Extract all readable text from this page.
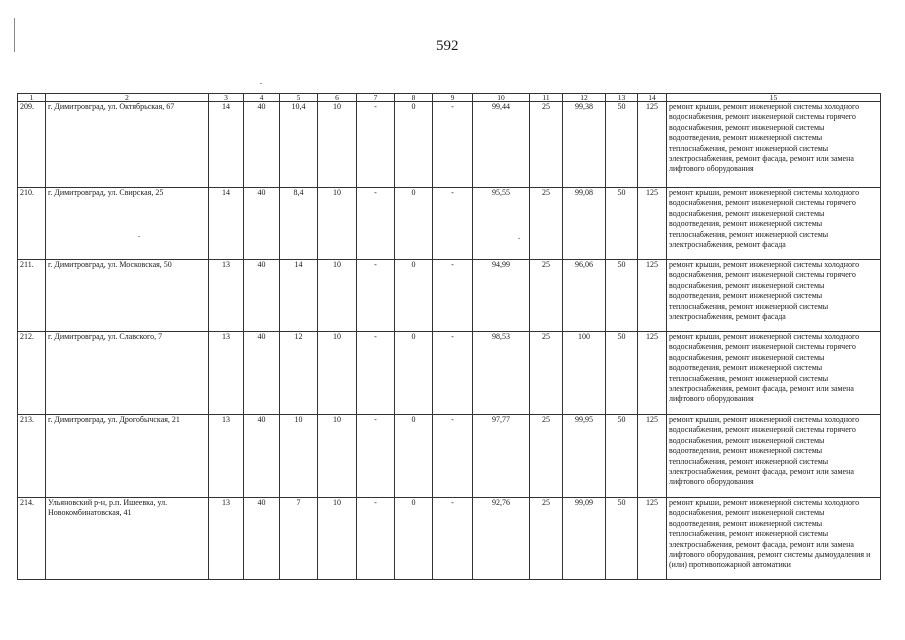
592
1	2	3	4	5	6	7	8	9	10	11	12	13	14	15
209.	г. Димитровград, ул. Октябрьская, 67	14	40	10,4	10	-	0	-	99,44	25	99,38	50	125	ремонт крыши, ремонт инженерной системы холодного водоснабжения, ремонт инженерной системы горячего водоснабжения, ремонт инженерной системы водоотведения, ремонт инженерной системы теплоснабжения, ремонт инженерной системы электроснабжения, ремонт фасада, ремонт или замена лифтового оборудования
210.	г. Димитровград, ул. Свирская, 25	14	40	8,4	10	-	0	-	95,55	25	99,08	50	125	ремонт крыши, ремонт инженерной системы холодного водоснабжения, ремонт инженерной системы горячего водоснабжения, ремонт инженерной системы водоотведения, ремонт инженерной системы теплоснабжения, ремонт инженерной системы электроснабжения, ремонт фасада
211.	г. Димитровград, ул. Московская, 50	13	40	14	10	-	0	-	94,99	25	96,06	50	125	ремонт крыши, ремонт инженерной системы холодного водоснабжения, ремонт инженерной системы горячего водоснабжения, ремонт инженерной системы водоотведения, ремонт инженерной системы теплоснабжения, ремонт инженерной системы электроснабжения, ремонт фасада
212.	г. Димитровград, ул. Славского, 7	13	40	12	10	-	0	-	98,53	25	100	50	125	ремонт крыши, ремонт инженерной системы холодного водоснабжения, ремонт инженерной системы горячего водоснабжения, ремонт инженерной системы водоотведения, ремонт инженерной системы теплоснабжения, ремонт инженерной системы электроснабжения, ремонт фасада, ремонт или замена лифтового оборудования
213.	г. Димитровград, ул. Дрогобычская, 21	13	40	10	10	-	0	-	97,77	25	99,95	50	125	ремонт крыши, ремонт инженерной системы холодного водоснабжения, ремонт инженерной системы горячего водоснабжения, ремонт инженерной системы водоотведения, ремонт инженерной системы теплоснабжения, ремонт инженерной системы электроснабжения, ремонт фасада, ремонт или замена лифтового оборудования
214.	Ульяновский р-н, р.п. Ишеевка, ул. Новокомбинатовская, 41	13	40	7	10	-	0	-	92,76	25	99,09	50	125	ремонт крыши, ремонт инженерной системы холодного водоснабжения, ремонт инженерной системы водоотведения, ремонт инженерной системы теплоснабжения, ремонт инженерной системы электроснабжения, ремонт фасада, ремонт или замена лифтового оборудования, ремонт системы дымоудаления и (или) противопожарной автоматики
